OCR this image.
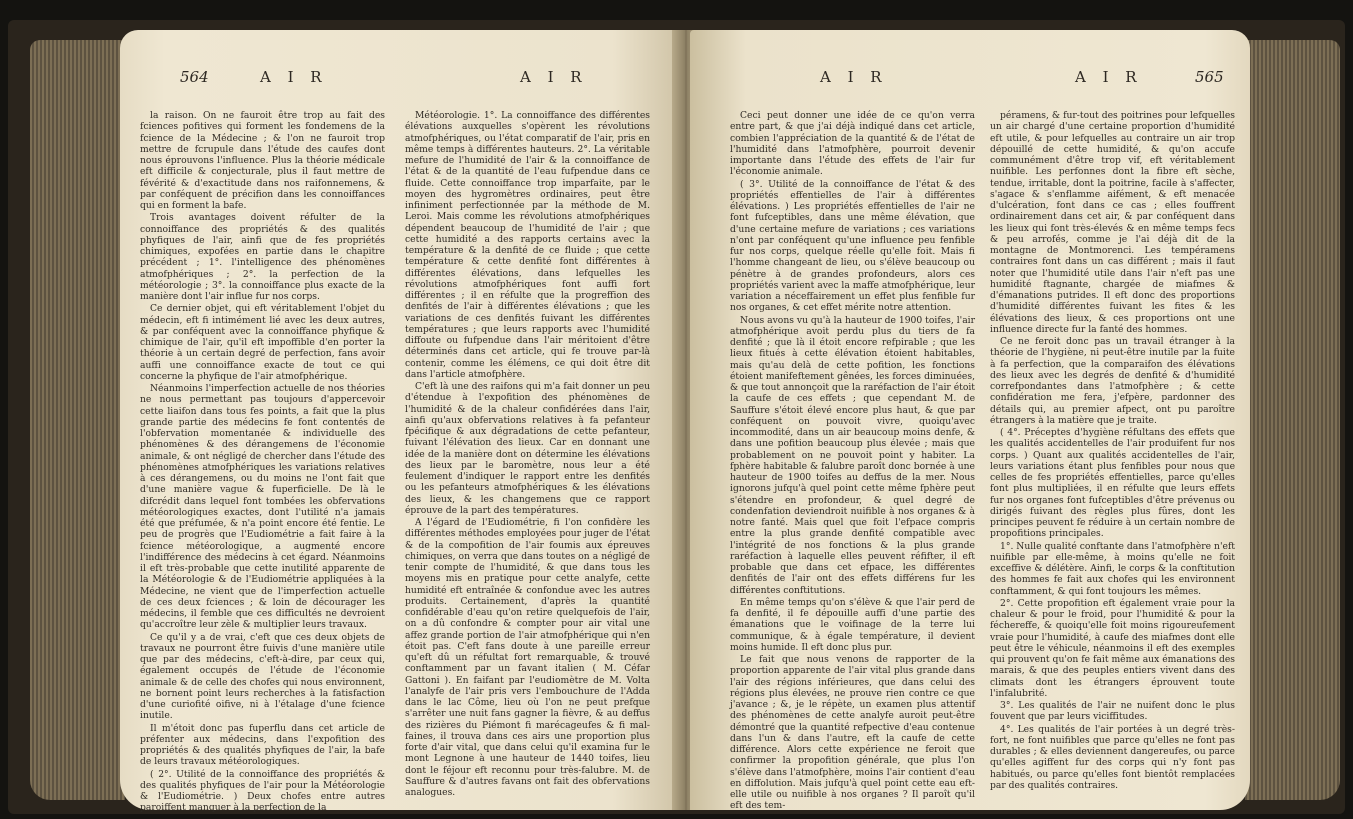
564	A I R	A I R

la raison. On ne fauroit être trop au fait des fciences pofitives qui forment les fondemens de la fcience de la Médecine ; & l'on ne fauroit trop mettre de fcrupule dans l'étude des caufes dont nous éprouvons l'influence. Plus la théorie médicale eft difficile & conjecturale, plus il faut mettre de févérité & d'exactitude dans nos raifonnemens, & par conféquent de précifion dans les connoiffances qui en forment la bafe.

Trois avantages doivent réfulter de la connoiffance des propriétés & des qualités phyfiques de l'air, ainfi que de fes propriétés chimiques, expofées en partie dans le chapitre précédent ; 1°. l'intelligence des phénomènes atmofphériques ; 2°. la perfection de la météorologie ; 3°. la connoiffance plus exacte de la manière dont l'air influe fur nos corps.

Ce dernier objet, qui eft véritablement l'objet du médecin, eft fi intimément lié avec les deux autres, & par conféquent avec la connoiffance phyfique & chimique de l'air, qu'il eft impoffible d'en porter la théorie à un certain degré de perfection, fans avoir auffi une connoiffance exacte de tout ce qui concerne la phyfique de l'air atmofphérique.

Néanmoins l'imperfection actuelle de nos théories ne nous permettant pas toujours d'appercevoir cette liaifon dans tous fes points, a fait que la plus grande partie des médecins fe font contentés de l'obfervation momentanée & individuelle des phénomènes & des dérangemens de l'économie animale, & ont négligé de chercher dans l'étude des phénomènes atmofphériques les variations relatives à ces dérangemens, ou du moins ne l'ont fait que d'une manière vague & fuperficielle. De là le difcrédit dans lequel font tombées les obfervations météorologiques exactes, dont l'utilité n'a jamais été que préfumée, & n'a point encore été fentie. Le peu de progrès que l'Eudiométrie a fait faire à la fcience météorologique, a augmenté encore l'indifférence des médecins à cet égard. Néanmoins il eft très-probable que cette inutilité apparente de la Météorologie & de l'Eudiométrie appliquées à la Médecine, ne vient que de l'imperfection actuelle de ces deux fciences ; & loin de décourager les médecins, il femble que ces difficultés ne devroient qu'accroître leur zèle & multiplier leurs travaux.

Ce qu'il y a de vrai, c'eft que ces deux objets de travaux ne pourront être fuivis d'une manière utile que par des médecins, c'eft-à-dire, par ceux qui, également occupés de l'étude de l'économie animale & de celle des chofes qui nous environnent, ne bornent point leurs recherches à la fatisfaction d'une curiofité oifive, ni à l'étalage d'une fcience inutile.

Il m'étoit donc pas fuperflu dans cet article de préfenter aux médecins, dans l'expofition des propriétés & des qualités phyfiques de l'air, la bafe de leurs travaux météorologiques.

( 2°. Utilité de la connoiffance des propriétés & des qualités phyfiques de l'air pour la Météorologie & l'Eudiométrie. ) Deux chofes entre autres paroiffent manquer à la perfection de la

Météorologie. 1°. La connoiffance des différentes élévations auxquelles s'opèrent les révolutions atmofphériques, ou l'état comparatif de l'air, pris en même temps à différentes hauteurs. 2°. La véritable mefure de l'humidité de l'air & la connoiffance de l'état & de la quantité de l'eau fufpendue dans ce fluide. Cette connoiffance trop imparfaite, par le moyen des hygromètres ordinaires, peut être infiniment perfectionnée par la méthode de M. Leroi. Mais comme les révolutions atmofphériques dépendent beaucoup de l'humidité de l'air ; que cette humidité a des rapports certains avec la température & la denfité de ce fluide ; que cette température & cette denfité font différentes à différentes élévations, dans lefquelles les révolutions atmofphériques font auffi fort différentes ; il en réfulte que la progreffion des denfités de l'air à différentes élévations ; que les variations de ces denfités fuivant les différentes températures ; que leurs rapports avec l'humidité diffoute ou fufpendue dans l'air méritoient d'être déterminés dans cet article, qui fe trouve par-là contenir, comme les élémens, ce qui doit être dit dans l'article atmofphère.

C'eft là une des raifons qui m'a fait donner un peu d'étendue à l'expofition des phénomènes de l'humidité & de la chaleur confidérées dans l'air, ainfi qu'aux obfervations relatives à fa pefanteur fpécifique & aux dégradations de cette pefanteur, fuivant l'élévation des lieux. Car en donnant une idée de la manière dont on détermine les élévations des lieux par le baromètre, nous leur a été feulement d'indiquer le rapport entre les denfités ou les pefanteurs atmofphériques & les élévations des lieux, & les changemens que ce rapport éprouve de la part des températures.

A l'égard de l'Eudiométrie, fi l'on confidère les différentes méthodes employées pour juger de l'état & de la compofition de l'air foumis aux épreuves chimiques, on verra que dans toutes on a négligé de tenir compte de l'humidité, & que dans tous les moyens mis en pratique pour cette analyfe, cette humidité eft entraînée & confondue avec les autres produits. Certainement, d'après la quantité confidérable d'eau qu'on retire quelquefois de l'air, on a dû confondre & compter pour air vital une affez grande portion de l'air atmofphérique qui n'en étoit pas. C'eft fans doute à une pareille erreur qu'eft dû un réfultat fort remarquable, & trouvé conftamment par un favant italien ( M. Céfar Gattoni ). En faifant par l'eudiomètre de M. Volta l'analyfe de l'air pris vers l'embouchure de l'Adda dans le lac Côme, lieu où l'on ne peut prefque s'arrêter une nuit fans gagner la fièvre, & au deffus des rizières du Piémont fi marécageufes & fi mal-faines, il trouva dans ces airs une proportion plus forte d'air vital, que dans celui qu'il examina fur le mont Legnone à une hauteur de 1440 toifes, lieu dont le féjour eft reconnu pour très-falubre. M. de Sauffure & d'autres favans ont fait des obfervations analogues.

A I R	A I R	565

Ceci peut donner une idée de ce qu'on verra entre part, & que j'ai déjà indiqué dans cet article, combien l'appréciation de la quantité & de l'état de l'humidité dans l'atmofphère, pourroit devenir importante dans l'étude des effets de l'air fur l'économie animale.

( 3°. Utilité de la connoiffance de l'état & des propriétés effentielles de l'air à différentes élévations. ) Les propriétés effentielles de l'air ne font fufceptibles, dans une même élévation, que d'une certaine mefure de variations ; ces variations n'ont par conféquent qu'une influence peu fenfible fur nos corps, quelque réelle qu'elle foit. Mais fi l'homme changeant de lieu, ou s'élève beaucoup ou pénètre à de grandes profondeurs, alors ces propriétés varient avec la maffe atmofphérique, leur variation a néceffairement un effet plus fenfible fur nos organes, & cet effet mérite notre attention.

Nous avons vu qu'à la hauteur de 1900 toifes, l'air atmofphérique avoit perdu plus du tiers de fa denfité ; que là il étoit encore refpirable ; que les lieux fitués à cette élévation étoient habitables, mais qu'au delà de cette pofition, les fonctions étoient manifeftement gênées, les forces diminuées, & que tout annonçoit que la raréfaction de l'air étoit la caufe de ces effets ; que cependant M. de Sauffure s'étoit élevé encore plus haut, & que par conféquent on pouvoit vivre, quoiqu'avec incommodité, dans un air beaucoup moins denfe, & dans une pofition beaucoup plus élevée ; mais que probablement on ne pouvoit point y habiter. La fphère habitable & falubre paroît donc bornée à une hauteur de 1900 toifes au deffus de la mer. Nous ignorons jufqu'à quel point cette même fphère peut s'étendre en profondeur, & quel degré de condenfation deviendroit nuifible à nos organes & à notre fanté. Mais quel que foit l'efpace compris entre la plus grande denfité compatible avec l'intégrité de nos fonctions & la plus grande raréfaction à laquelle elles peuvent réfifter, il eft probable que dans cet efpace, les différentes denfités de l'air ont des effets différens fur les différentes conftitutions.

En même temps qu'on s'élève & que l'air perd de fa denfité, il fe dépouille auffi d'une partie des émanations que le voifinage de la terre lui communique, & à égale température, il devient moins humide. Il eft donc plus pur.

Le fait que nous venons de rapporter de la proportion apparente de l'air vital plus grande dans l'air des régions inférieures, que dans celui des régions plus élevées, ne prouve rien contre ce que j'avance ; &, je le répète, un examen plus attentif des phénomènes de cette analyfe auroit peut-être démontré que la quantité refpective d'eau contenue dans l'un & dans l'autre, eft la caufe de cette différence. Alors cette expérience ne feroit que confirmer la propofition générale, que plus l'on s'élève dans l'atmofphère, moins l'air contient d'eau en diffolution. Mais jufqu'à quel point cette eau eft-elle utile ou nuifible à nos organes ? Il paroît qu'il eft des tem-

péramens, & fur-tout des poitrines pour lefquelles un air chargé d'une certaine proportion d'humidité eft utile, & pour lefquelles au contraire un air trop dépouillé de cette humidité, & qu'on accufe communément d'être trop vif, eft véritablement nuifible. Les perfonnes dont la fibre eft sèche, tendue, irritable, dont la poitrine, facile à s'affecter, s'agace & s'enflamme aifément, & eft menacée d'ulcération, font dans ce cas ; elles fouffrent ordinairement dans cet air, & par conféquent dans les lieux qui font très-élevés & en même temps fecs & peu arrofés, comme je l'ai déjà dit de la montagne de Montmorenci. Les tempéramens contraires font dans un cas différent ; mais il faut noter que l'humidité utile dans l'air n'eft pas une humidité ftagnante, chargée de miafmes & d'émanations putrides. Il eft donc des proportions d'humidité différentes fuivant les fites & les élévations des lieux, & ces proportions ont une influence directe fur la fanté des hommes.

Ce ne feroit donc pas un travail étranger à la théorie de l'hygiène, ni peut-être inutile par la fuite à fa perfection, que la comparaifon des élévations des lieux avec les degrés de denfité & d'humidité correfpondantes dans l'atmofphère ; & cette confidération me fera, j'efpère, pardonner des détails qui, au premier afpect, ont pu paroître étrangers à la matière que je traite.

( 4°. Préceptes d'hygiène réfultans des effets que les qualités accidentelles de l'air produifent fur nos corps. ) Quant aux qualités accidentelles de l'air, leurs variations étant plus fenfibles pour nous que celles de fes propriétés effentielles, parce qu'elles font plus multipliées, il en réfulte que leurs effets fur nos organes font fufceptibles d'être prévenus ou dirigés fuivant des règles plus fûres, dont les principes peuvent fe réduire à un certain nombre de propofitions principales.

1°. Nulle qualité conftante dans l'atmofphère n'eft nuifible par elle-même, à moins qu'elle ne foit exceffive & délétère. Ainfi, le corps & la conftitution des hommes fe fait aux chofes qui les environnent conftamment, & qui font toujours les mêmes.

2°. Cette propofition eft également vraie pour la chaleur & pour le froid, pour l'humidité & pour la féchereffe, & quoiqu'elle foit moins rigoureufement vraie pour l'humidité, à caufe des miafmes dont elle peut être le véhicule, néanmoins il eft des exemples qui prouvent qu'on fe fait même aux émanations des marais, & que des peuples entiers vivent dans des climats dont les étrangers éprouvent toute l'infalubrité.

3°. Les qualités de l'air ne nuifent donc le plus fouvent que par leurs viciffitudes.

4°. Les qualités de l'air portées à un degré très-fort, ne font nuifibles que parce qu'elles ne font pas durables ; & elles deviennent dangereufes, ou parce qu'elles agiffent fur des corps qui n'y font pas habitués, ou parce qu'elles font bientôt remplacées par des qualités contraires.
